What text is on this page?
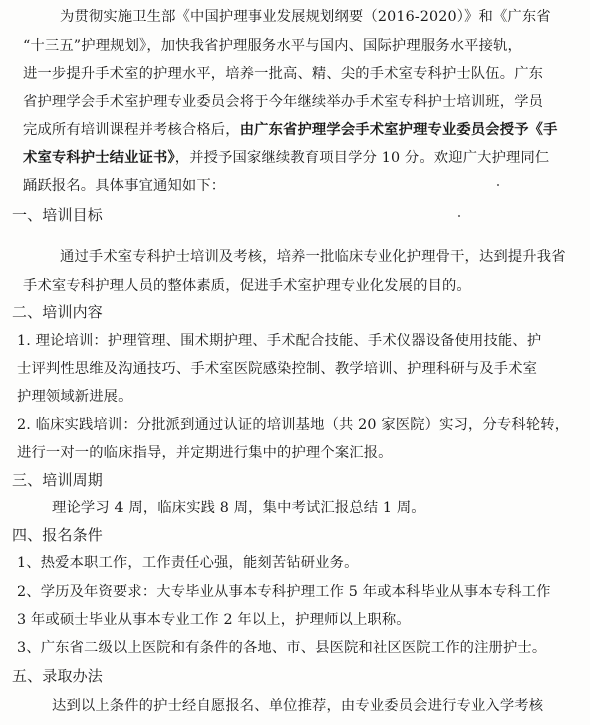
为贯彻实施卫生部《中国护理事业发展规划纲要（2016-2020）》和《广东省
“十三五”护理规划》，加快我省护理服务水平与国内、国际护理服务水平接轨，
进一步提升手术室的护理水平，培养一批高、精、尖的手术室专科护士队伍。广东
省护理学会手术室护理专业委员会将于今年继续举办手术室专科护士培训班，学员
完成所有培训课程并考核合格后，由广东省护理学会手术室护理专业委员会授予《手
术室专科护士结业证书》，并授予国家继续教育项目学分 10 分。欢迎广大护理同仁
踊跃报名。具体事宜通知如下：
一、培训目标
通过手术室专科护士培训及考核，培养一批临床专业化护理骨干，达到提升我省
手术室专科护理人员的整体素质，促进手术室护理专业化发展的目的。
二、培训内容
1. 理论培训：护理管理、围术期护理、手术配合技能、手术仪器设备使用技能、护
士评判性思维及沟通技巧、手术室医院感染控制、教学培训、护理科研与及手术室
护理领域新进展。
2. 临床实践培训：分批派到通过认证的培训基地（共 20 家医院）实习，分专科轮转，
进行一对一的临床指导，并定期进行集中的护理个案汇报。
三、培训周期
理论学习 4 周，临床实践 8 周，集中考试汇报总结 1 周。
四、报名条件
1、热爱本职工作，工作责任心强，能刻苦钻研业务。
2、学历及年资要求：大专毕业从事本专科护理工作 5 年或本科毕业从事本专科工作
3 年或硕士毕业从事本专业工作 2 年以上，护理师以上职称。
3、广东省二级以上医院和有条件的各地、市、县医院和社区医院工作的注册护士。
五、录取办法
达到以上条件的护士经自愿报名、单位推荐，由专业委员会进行专业入学考核
